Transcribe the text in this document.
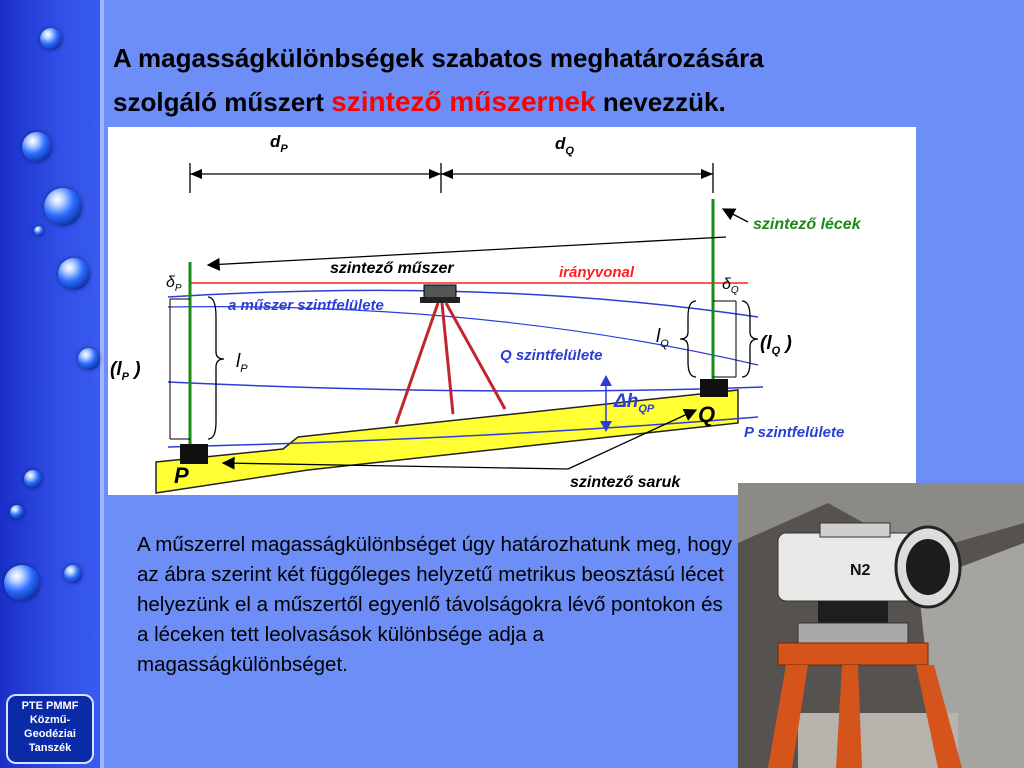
PTE PMMF
Közmű-
Geodéziai
Tanszék
A magasságkülönbségek szabatos meghatározására
szolgáló műszert szintező műszernek nevezzük.
$d_P$	$d_Q$
szintező lécek
szintező műszer	irányvonal
a műszer szintfelülete
Q szintfelülete
P szintfelülete
P
Q
$\Delta h_{QP}$
szintező saruk
$\delta_P$
($l_P$ )	$l_P$
$\delta_Q$
$l_Q$	($l_Q$ )
A műszerrel magasságkülönbséget úgy határozhatunk meg, hogy az ábra szerint két függőleges helyzetű metrikus beosztású lécet helyezünk el a műszertől egyenlő távolságokra lévő pontokon és a léceken tett leolvasások különbsége adja a magasságkülönbséget.
N2
